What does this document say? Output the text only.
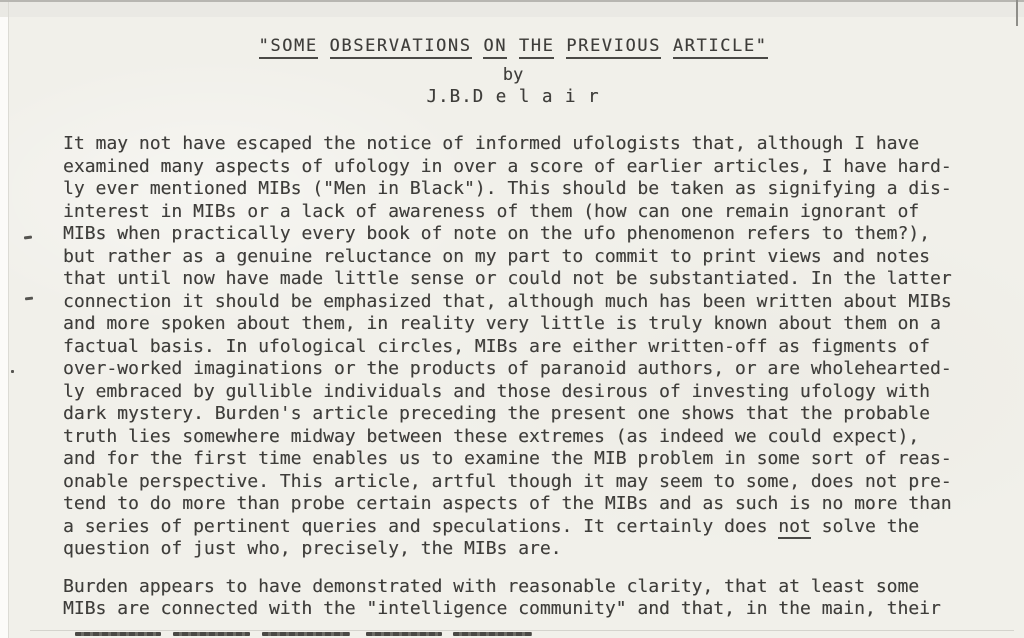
"SOME OBSERVATIONS ON THE PREVIOUS ARTICLE"
by
J.B.D e l a i r
It may not have escaped the notice of informed ufologists that, although I have
examined many aspects of ufology in over a score of earlier articles, I have hard-
ly ever mentioned MIBs ("Men in Black"). This should be taken as signifying a dis-
interest in MIBs or a lack of awareness of them (how can one remain ignorant of
MIBs when practically every book of note on the ufo phenomenon refers to them?),
but rather as a genuine reluctance on my part to commit to print views and notes
that until now have made little sense or could not be substantiated. In the latter
connection it should be emphasized that, although much has been written about MIBs
and more spoken about them, in reality very little is truly known about them on a
factual basis. In ufological circles, MIBs are either written-off as figments of
over-worked imaginations or the products of paranoid authors, or are wholehearted-
ly embraced by gullible individuals and those desirous of investing ufology with
dark mystery. Burden's article preceding the present one shows that the probable
truth lies somewhere midway between these extremes (as indeed we could expect),
and for the first time enables us to examine the MIB problem in some sort of reas-
onable perspective. This article, artful though it may seem to some, does not pre-
tend to do more than probe certain aspects of the MIBs and as such is no more than
a series of pertinent queries and speculations. It certainly does not solve the
question of just who, precisely, the MIBs are.
Burden appears to have demonstrated with reasonable clarity, that at least some
MIBs are connected with the "intelligence community" and that, in the main, their
